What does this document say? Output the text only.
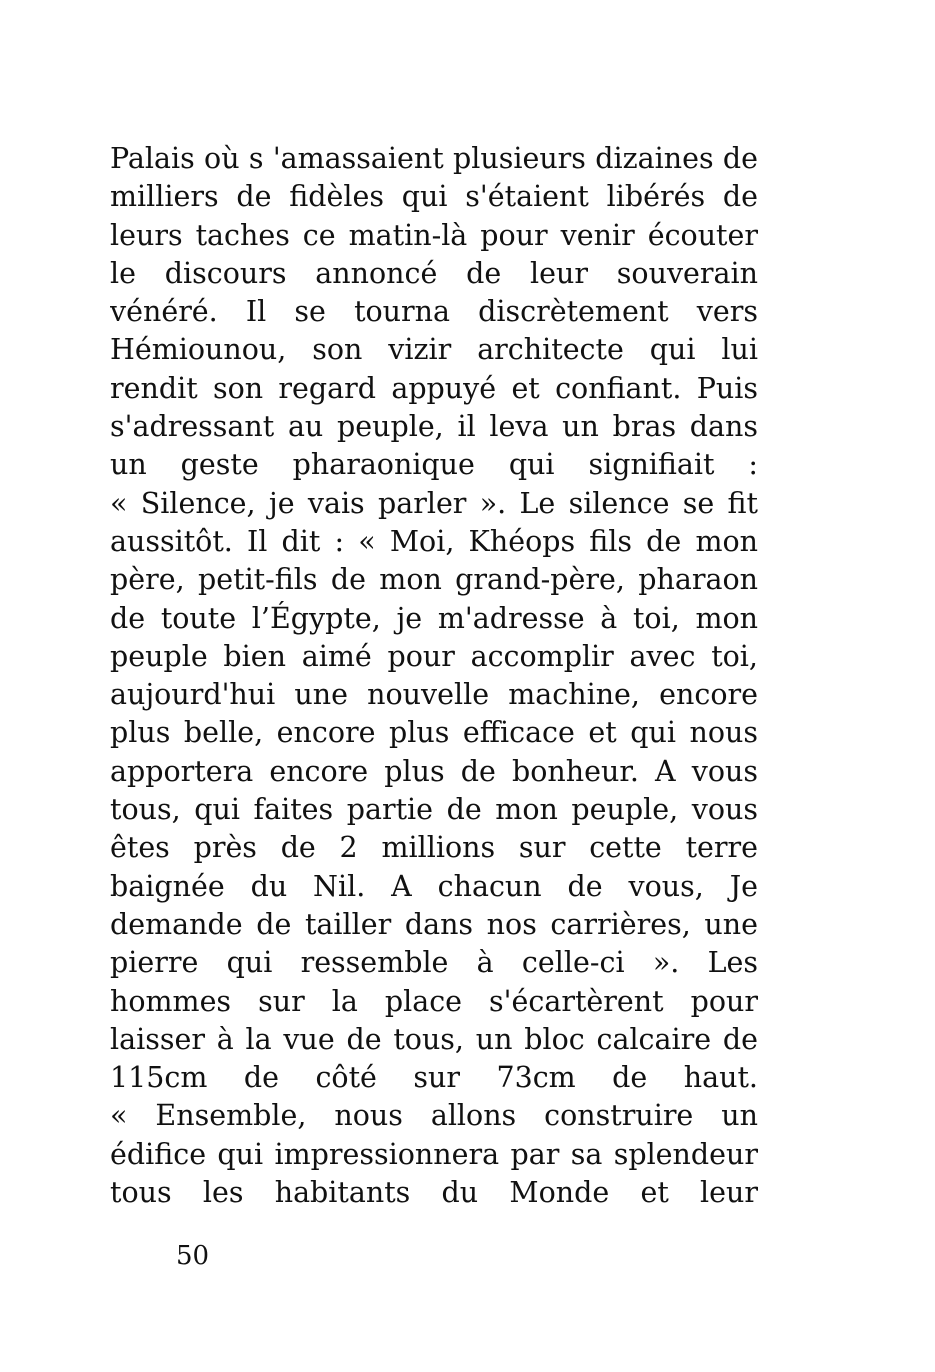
Palais où s 'amassaient plusieurs dizaines de
milliers de fidèles qui s'étaient libérés de
leurs taches ce matin-là pour venir écouter
le discours annoncé de leur souverain
vénéré. Il se tourna discrètement vers
Hémiounou, son vizir architecte qui lui
rendit son regard appuyé et confiant. Puis
s'adressant au peuple, il leva un bras dans
un geste pharaonique qui signifiait :
« Silence, je vais parler ». Le silence se fit
aussitôt. Il dit : « Moi, Khéops fils de mon
père, petit-fils de mon grand-père, pharaon
de toute l’Égypte, je m'adresse à toi, mon
peuple bien aimé pour accomplir avec toi,
aujourd'hui une nouvelle machine, encore
plus belle, encore plus efficace et qui nous
apportera encore plus de bonheur. A vous
tous, qui faites partie de mon peuple, vous
êtes près de 2 millions sur cette terre
baignée du Nil. A chacun de vous, Je
demande de tailler dans nos carrières, une
pierre qui ressemble à celle-ci ». Les
hommes sur la place s'écartèrent pour
laisser à la vue de tous, un bloc calcaire de
115cm de côté sur 73cm de haut.
« Ensemble, nous allons construire un
édifice qui impressionnera par sa splendeur
tous les habitants du Monde et leur
50
